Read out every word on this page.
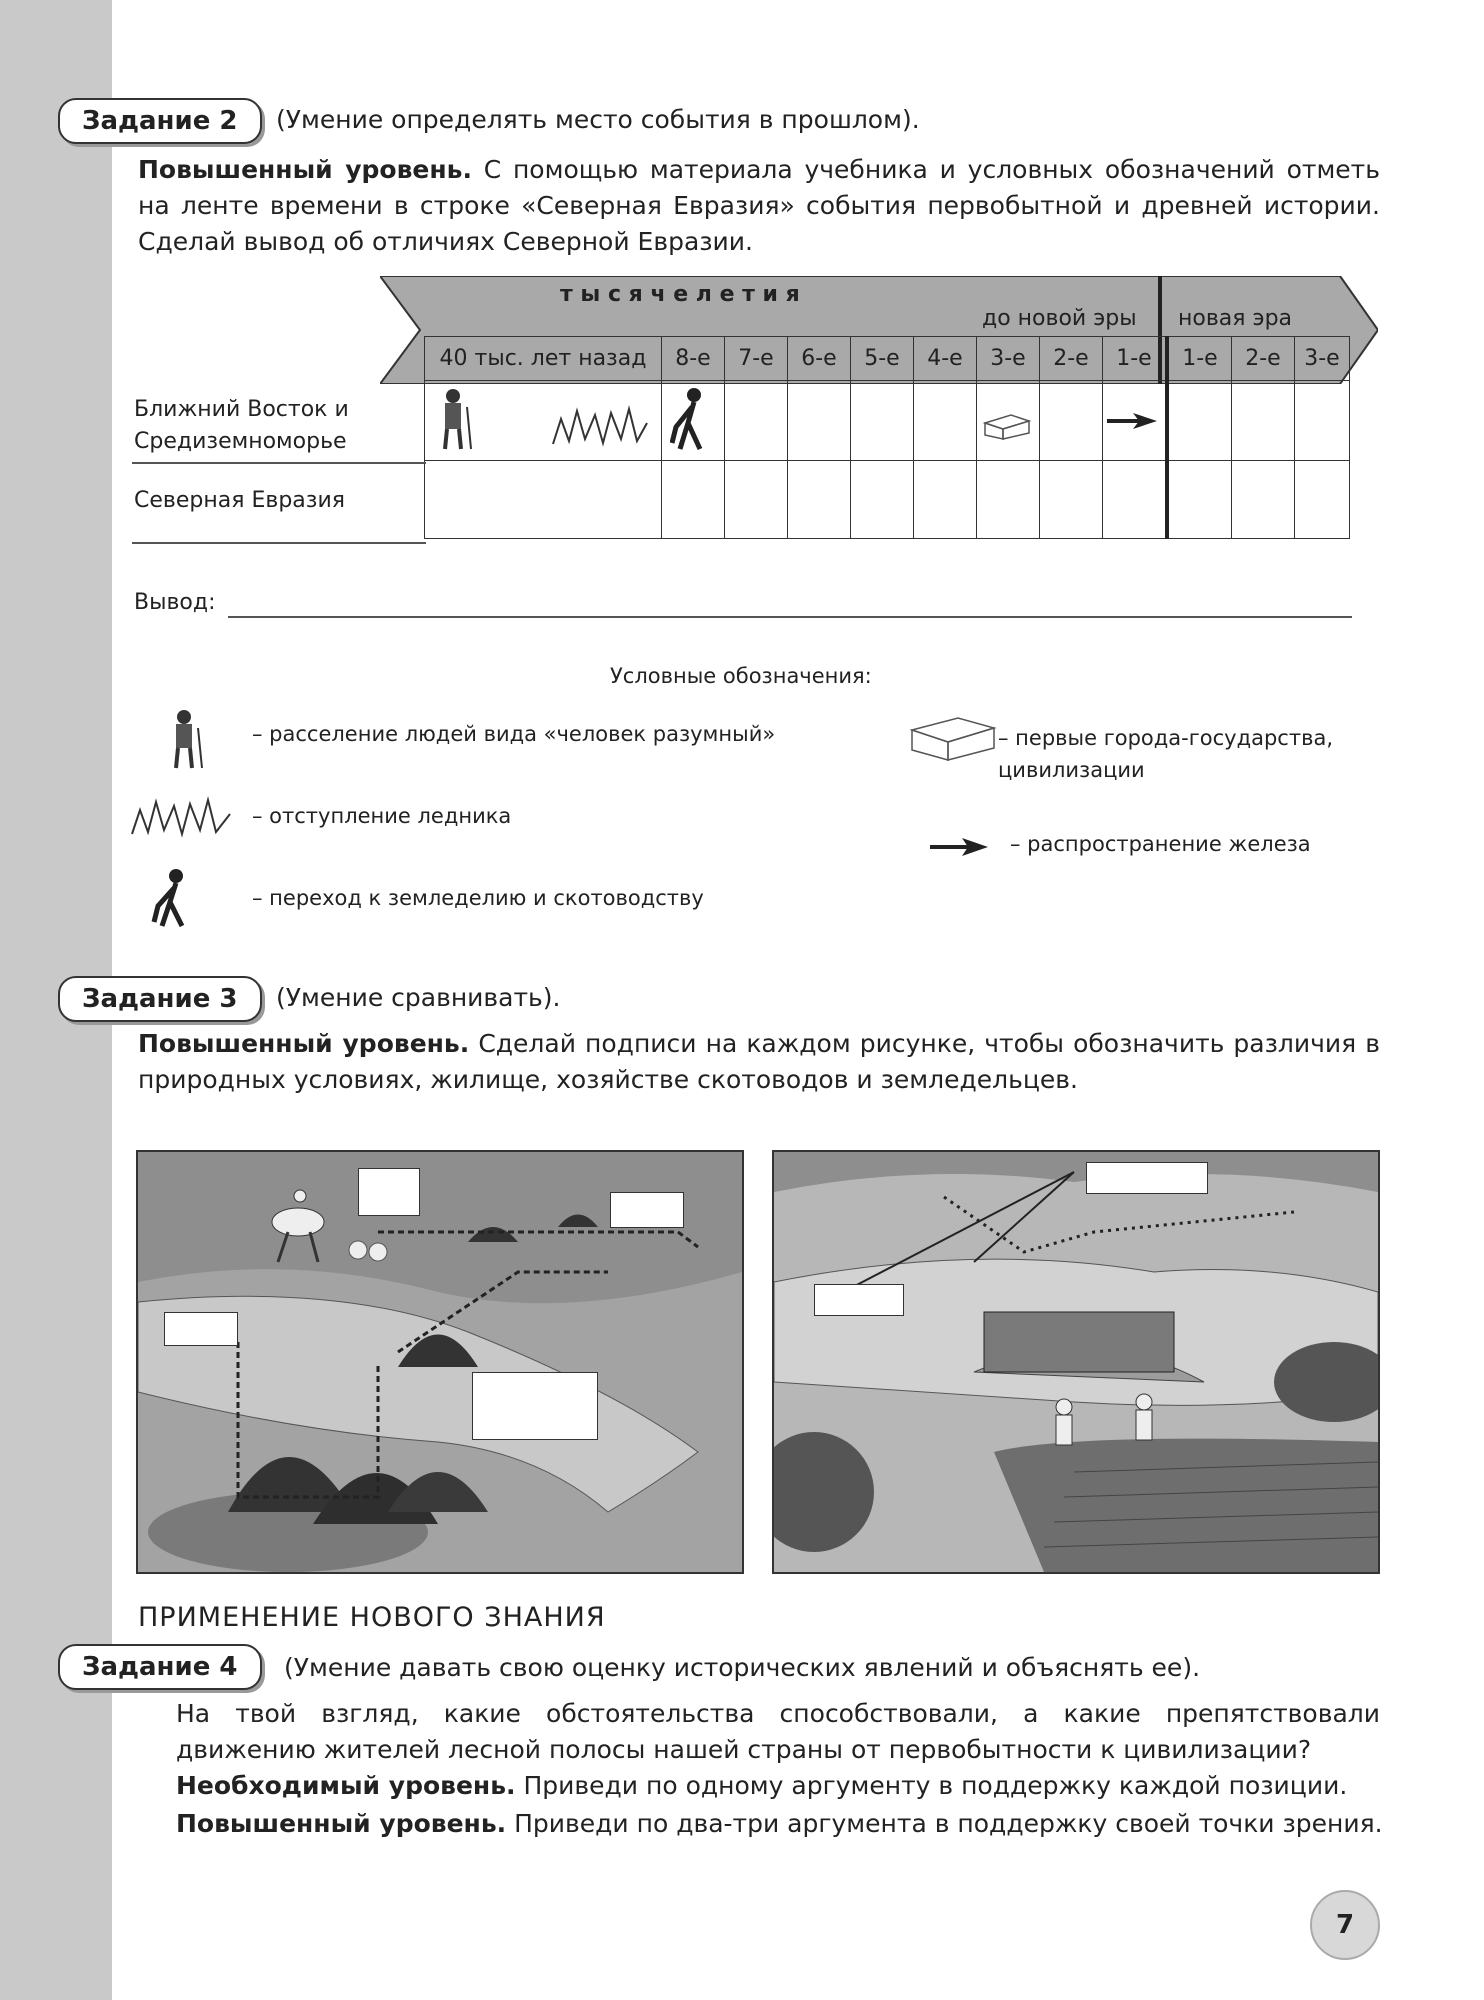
Задание 2	(Умение определять место события в прошлом).
Повышенный уровень. С помощью материала учебника и условных обозначений отметь на ленте времени в строке «Северная Евразия» события первобытной и древней истории. Сделай вывод об отличиях Северной Евразии.
т ы с я ч е л е т и я
до новой эры новая эра
40 тыс. лет назад	8-е	7-е	6-е	5-е	4-е	3-е	2-е	1-е	1-е	2-е	3-е

Ближний Восток и Средиземноморье
Северная Евразия
Вывод:
Условные обозначения:
– расселение людей вида «человек разумный»
– отступление ледника
– переход к земледелию и скотоводству
– первые города-государства, цивилизации
– распространение железа
Задание 3	(Умение сравнивать).
Повышенный уровень. Сделай подписи на каждом рисунке, чтобы обозначить различия в природных условиях, жилище, хозяйстве скотоводов и земледельцев.
ПРИМЕНЕНИЕ НОВОГО ЗНАНИЯ
Задание 4	(Умение давать свою оценку исторических явлений и объяснять ее).
На твой взгляд, какие обстоятельства способствовали, а какие препятствовали движению жителей лесной полосы нашей страны от первобытности к цивилизации?
Необходимый уровень. Приведи по одному аргументу в поддержку каждой позиции.
Повышенный уровень. Приведи по два-три аргумента в поддержку своей точки зрения.
7
